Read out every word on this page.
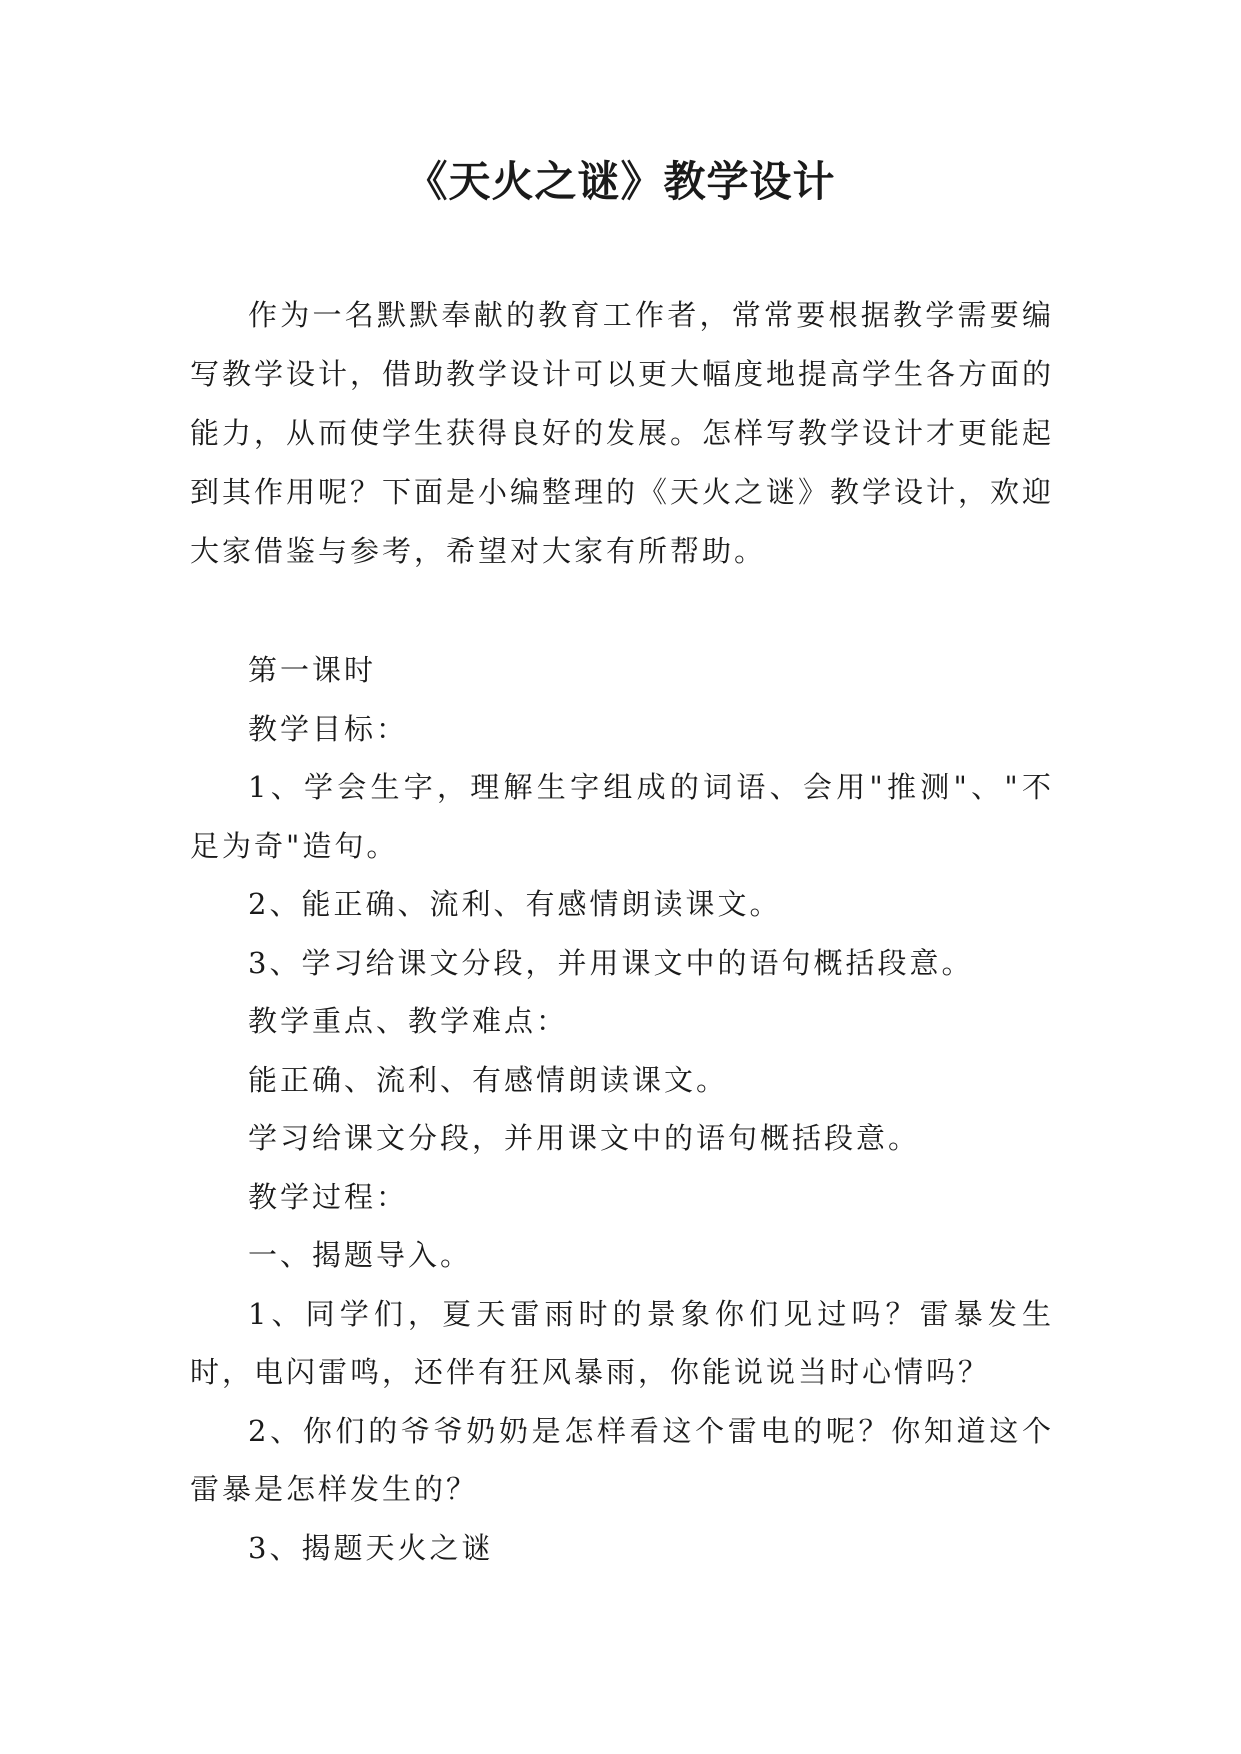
《天火之谜》教学设计

作为一名默默奉献的教育工作者，常常要根据教学需要编写教学设计，借助教学设计可以更大幅度地提高学生各方面的能力，从而使学生获得良好的发展。怎样写教学设计才更能起到其作用呢？下面是小编整理的《天火之谜》教学设计，欢迎大家借鉴与参考，希望对大家有所帮助。

第一课时

教学目标：

1、学会生字，理解生字组成的词语、会用"推测"、"不足为奇"造句。

2、能正确、流利、有感情朗读课文。

3、学习给课文分段，并用课文中的语句概括段意。

教学重点、教学难点：

能正确、流利、有感情朗读课文。

学习给课文分段，并用课文中的语句概括段意。

教学过程：

一、揭题导入。

1、同学们，夏天雷雨时的景象你们见过吗？雷暴发生时，电闪雷鸣，还伴有狂风暴雨，你能说说当时心情吗？

2、你们的爷爷奶奶是怎样看这个雷电的呢？你知道这个雷暴是怎样发生的？

3、揭题天火之谜
